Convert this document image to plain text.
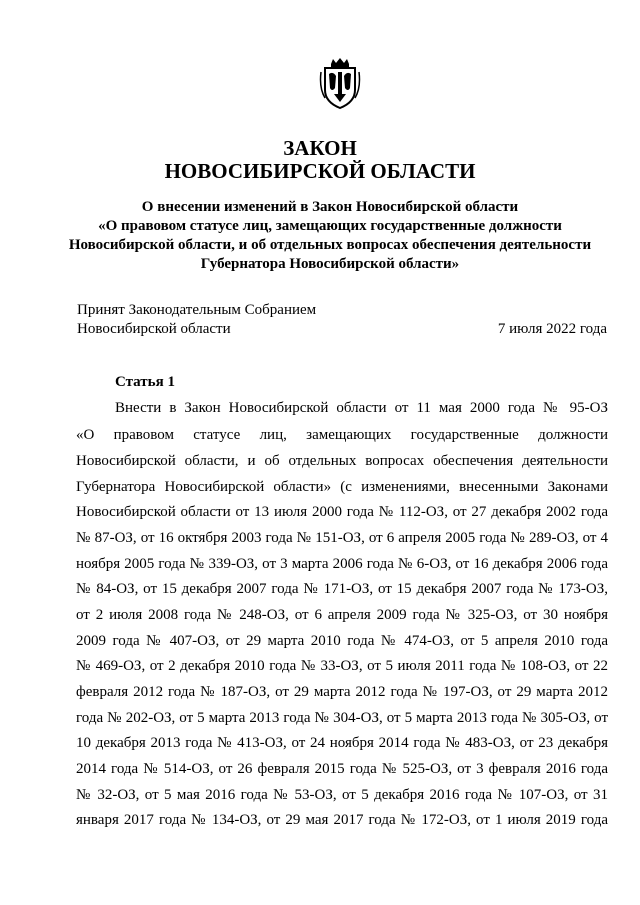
ЗАКОН
НОВОСИБИРСКОЙ ОБЛАСТИ
О внесении изменений в Закон Новосибирской области
«О правовом статусе лиц, замещающих государственные должности
Новосибирской области, и об отдельных вопросах обеспечения деятельности
Губернатора Новосибирской области»
Принят Законодательным Собранием
Новосибирской области	7 июля 2022 года
Статья 1
Внести в Закон Новосибирской области от 11 мая 2000 года № 95-ОЗ
«О правовом статусе лиц, замещающих государственные должности
Новосибирской области, и об отдельных вопросах обеспечения деятельности
Губернатора Новосибирской области» (с изменениями, внесенными Законами
Новосибирской области от 13 июля 2000 года № 112-ОЗ, от 27 декабря 2002 года
№ 87-ОЗ, от 16 октября 2003 года № 151-ОЗ, от 6 апреля 2005 года № 289-ОЗ, от 4
ноября 2005 года № 339-ОЗ, от 3 марта 2006 года № 6-ОЗ, от 16 декабря 2006 года
№ 84-ОЗ, от 15 декабря 2007 года № 171-ОЗ, от 15 декабря 2007 года № 173-ОЗ,
от 2 июля 2008 года № 248-ОЗ, от 6 апреля 2009 года № 325-ОЗ, от 30 ноября
2009 года № 407-ОЗ, от 29 марта 2010 года № 474-ОЗ, от 5 апреля 2010 года
№ 469-ОЗ, от 2 декабря 2010 года № 33-ОЗ, от 5 июля 2011 года № 108-ОЗ, от 22
февраля 2012 года № 187-ОЗ, от 29 марта 2012 года № 197-ОЗ, от 29 марта 2012
года № 202-ОЗ, от 5 марта 2013 года № 304-ОЗ, от 5 марта 2013 года № 305-ОЗ, от
10 декабря 2013 года № 413-ОЗ, от 24 ноября 2014 года № 483-ОЗ, от 23 декабря
2014 года № 514-ОЗ, от 26 февраля 2015 года № 525-ОЗ, от 3 февраля 2016 года
№ 32-ОЗ, от 5 мая 2016 года № 53-ОЗ, от 5 декабря 2016 года № 107-ОЗ, от 31
января 2017 года № 134-ОЗ, от 29 мая 2017 года № 172-ОЗ, от 1 июля 2019 года
